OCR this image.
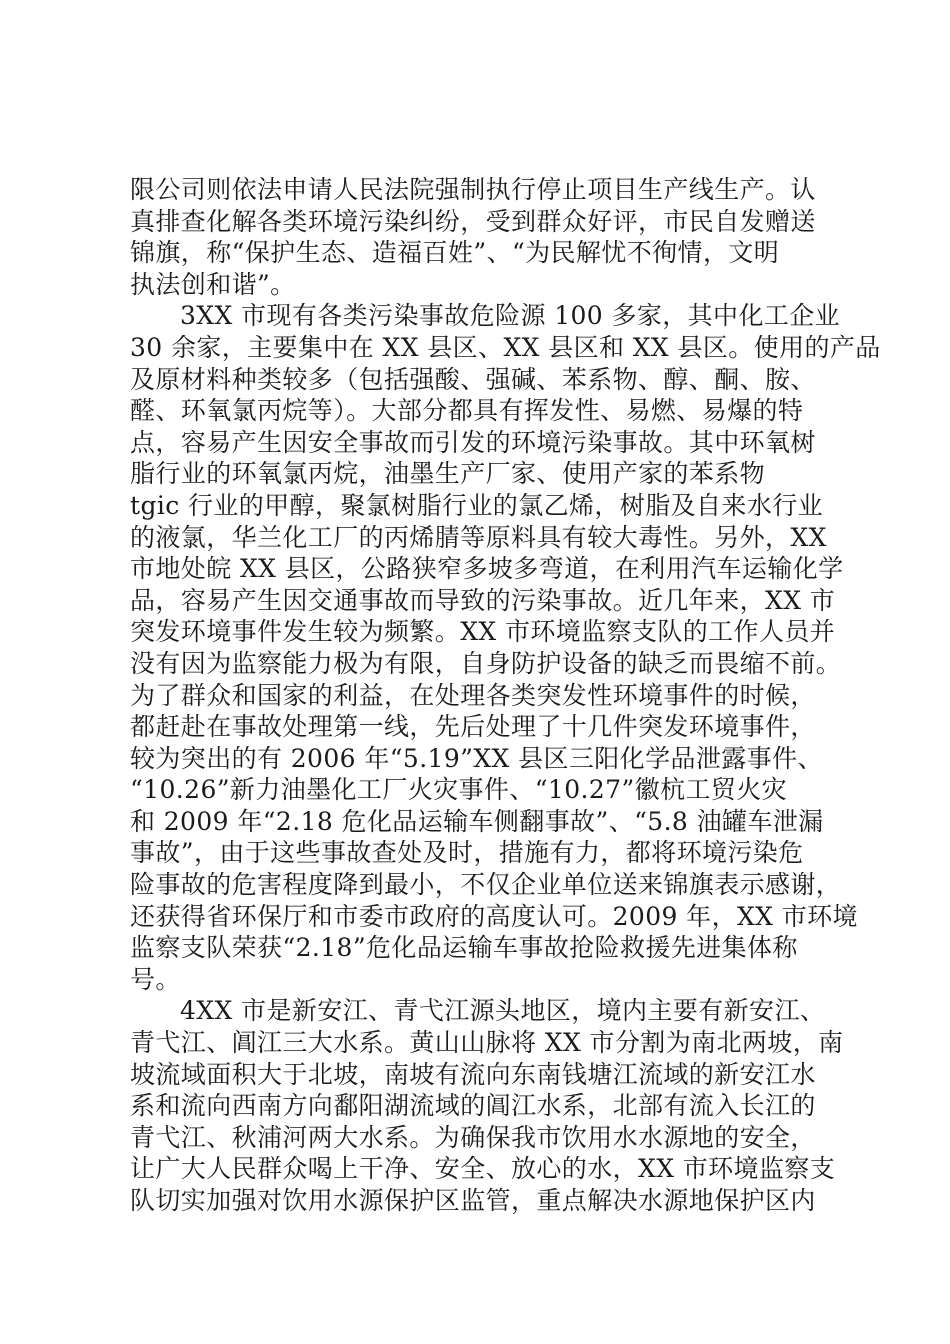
限公司则依法申请人民法院强制执行停止项目生产线生产。认
真排查化解各类环境污染纠纷，受到群众好评，市民自发赠送
锦旗，称“保护生态、造福百姓”、“为民解忧不徇情，文明
执法创和谐”。
3XX 市现有各类污染事故危险源 100 多家，其中化工企业
30 余家，主要集中在 XX 县区、XX 县区和 XX 县区。使用的产品
及原材料种类较多（包括强酸、强碱、苯系物、醇、酮、胺、
醛、环氧氯丙烷等）。大部分都具有挥发性、易燃、易爆的特
点，容易产生因安全事故而引发的环境污染事故。其中环氧树
脂行业的环氧氯丙烷，油墨生产厂家、使用产家的苯系物
tgic 行业的甲醇，聚氯树脂行业的氯乙烯，树脂及自来水行业
的液氯，华兰化工厂的丙烯腈等原料具有较大毒性。另外，XX
市地处皖 XX 县区，公路狭窄多坡多弯道，在利用汽车运输化学
品，容易产生因交通事故而导致的污染事故。近几年来，XX 市
突发环境事件发生较为频繁。XX 市环境监察支队的工作人员并
没有因为监察能力极为有限，自身防护设备的缺乏而畏缩不前。
为了群众和国家的利益，在处理各类突发性环境事件的时候，
都赶赴在事故处理第一线，先后处理了十几件突发环境事件，
较为突出的有 2006 年“5.19”XX 县区三阳化学品泄露事件、
“10.26”新力油墨化工厂火灾事件、“10.27”徽杭工贸火灾
和 2009 年“2.18 危化品运输车侧翻事故”、“5.8 油罐车泄漏
事故”，由于这些事故查处及时，措施有力，都将环境污染危
险事故的危害程度降到最小，不仅企业单位送来锦旗表示感谢，
还获得省环保厅和市委市政府的高度认可。2009 年，XX 市环境
监察支队荣获“2.18”危化品运输车事故抢险救援先进集体称
号。
4XX 市是新安江、青弋江源头地区，境内主要有新安江、
青弋江、阊江三大水系。黄山山脉将 XX 市分割为南北两坡，南
坡流域面积大于北坡，南坡有流向东南钱塘江流域的新安江水
系和流向西南方向鄱阳湖流域的阊江水系，北部有流入长江的
青弋江、秋浦河两大水系。为确保我市饮用水水源地的安全，
让广大人民群众喝上干净、安全、放心的水，XX 市环境监察支
队切实加强对饮用水源保护区监管，重点解决水源地保护区内
